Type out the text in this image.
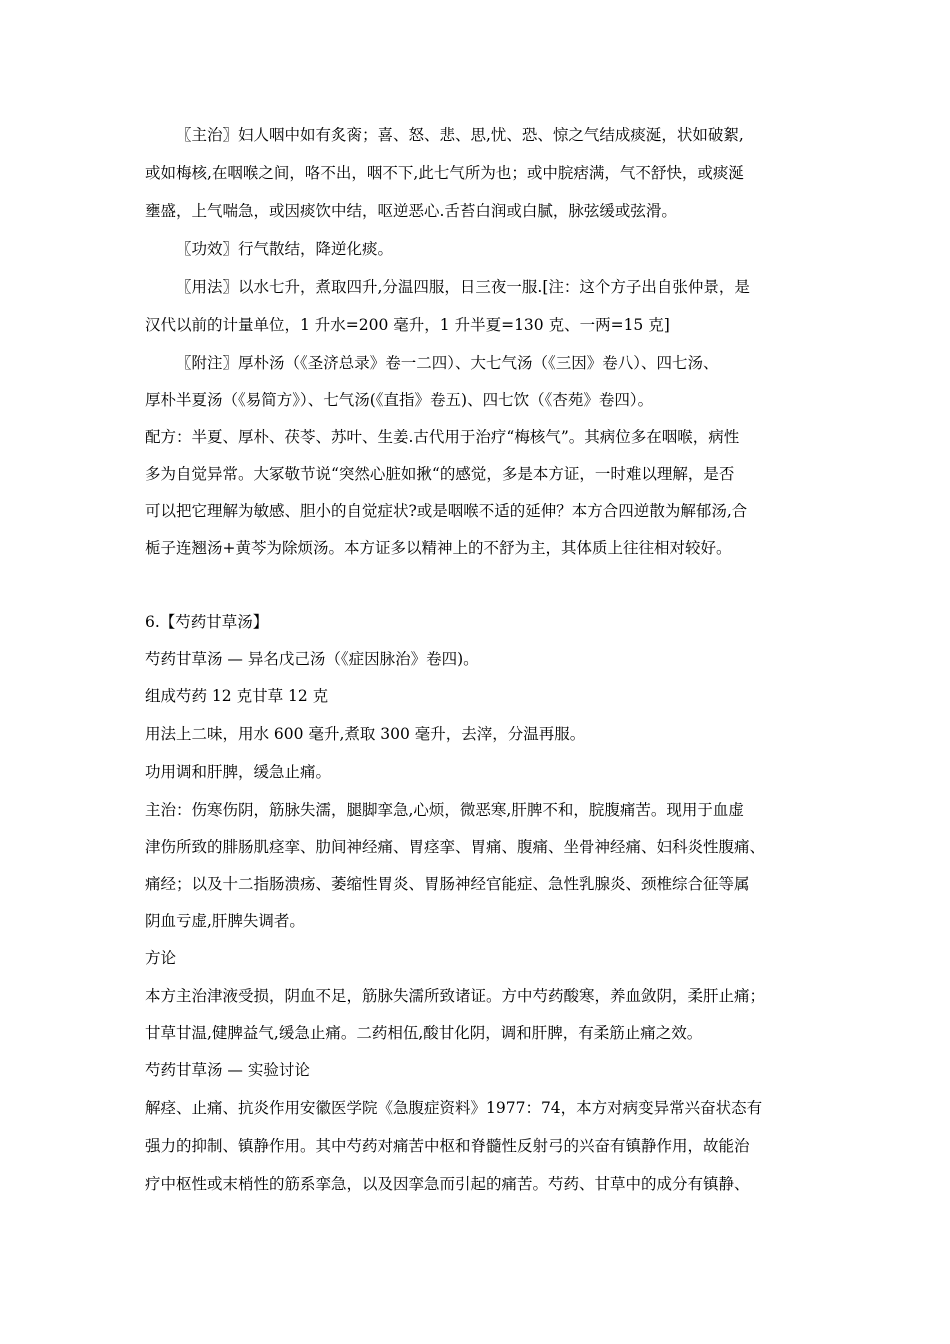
〖主治〗妇人咽中如有炙脔；喜、怒、悲、思,忧、恐、惊之气结成痰涎，状如破絮,
或如梅核,在咽喉之间，咯不出，咽不下,此七气所为也；或中脘痞满，气不舒快，或痰涎
壅盛，上气喘急，或因痰饮中结，呕逆恶心.舌苔白润或白腻，脉弦缓或弦滑。
〖功效〗行气散结，降逆化痰。
〖用法〗以水七升，煮取四升,分温四服，日三夜一服.[注：这个方子出自张仲景，是
汉代以前的计量单位，1 升水=200 毫升，1 升半夏=130 克、一两=15 克]
〖附注〗厚朴汤（《圣济总录》卷一二四）、大七气汤（《三因》卷八）、四七汤、
厚朴半夏汤（《易简方》）、七气汤(《直指》卷五)、四七饮（《杏苑》卷四）。
配方：半夏、厚朴、茯苓、苏叶、生姜.古代用于治疗“梅核气”。其病位多在咽喉，病性
多为自觉异常。大冢敬节说“突然心脏如揪“的感觉，多是本方证，一时难以理解，是否
可以把它理解为敏感、胆小的自觉症状?或是咽喉不适的延伸？本方合四逆散为解郁汤,合
栀子连翘汤+黄芩为除烦汤。本方证多以精神上的不舒为主，其体质上往往相对较好。
6.【芍药甘草汤】
芍药甘草汤 — 异名戊己汤（《症因脉治》卷四)。
组成芍药 12 克甘草 12 克
用法上二味，用水 600 毫升,煮取 300 毫升，去滓，分温再服。
功用调和肝脾，缓急止痛。
主治：伤寒伤阴，筋脉失濡，腿脚挛急,心烦，微恶寒,肝脾不和，脘腹痛苦。现用于血虚
津伤所致的腓肠肌痉挛、肋间神经痛、胃痉挛、胃痛、腹痛、坐骨神经痛、妇科炎性腹痛、
痛经；以及十二指肠溃疡、萎缩性胃炎、胃肠神经官能症、急性乳腺炎、颈椎综合征等属
阴血亏虚,肝脾失调者。
方论
本方主治津液受损，阴血不足，筋脉失濡所致诸证。方中芍药酸寒，养血敛阴，柔肝止痛；
甘草甘温,健脾益气,缓急止痛。二药相伍,酸甘化阴，调和肝脾，有柔筋止痛之效。
芍药甘草汤 — 实验讨论
解痉、止痛、抗炎作用安徽医学院《急腹症资料》1977：74，本方对病变异常兴奋状态有
强力的抑制、镇静作用。其中芍药对痛苦中枢和脊髓性反射弓的兴奋有镇静作用，故能治
疗中枢性或末梢性的筋系挛急，以及因挛急而引起的痛苦。芍药、甘草中的成分有镇静、
